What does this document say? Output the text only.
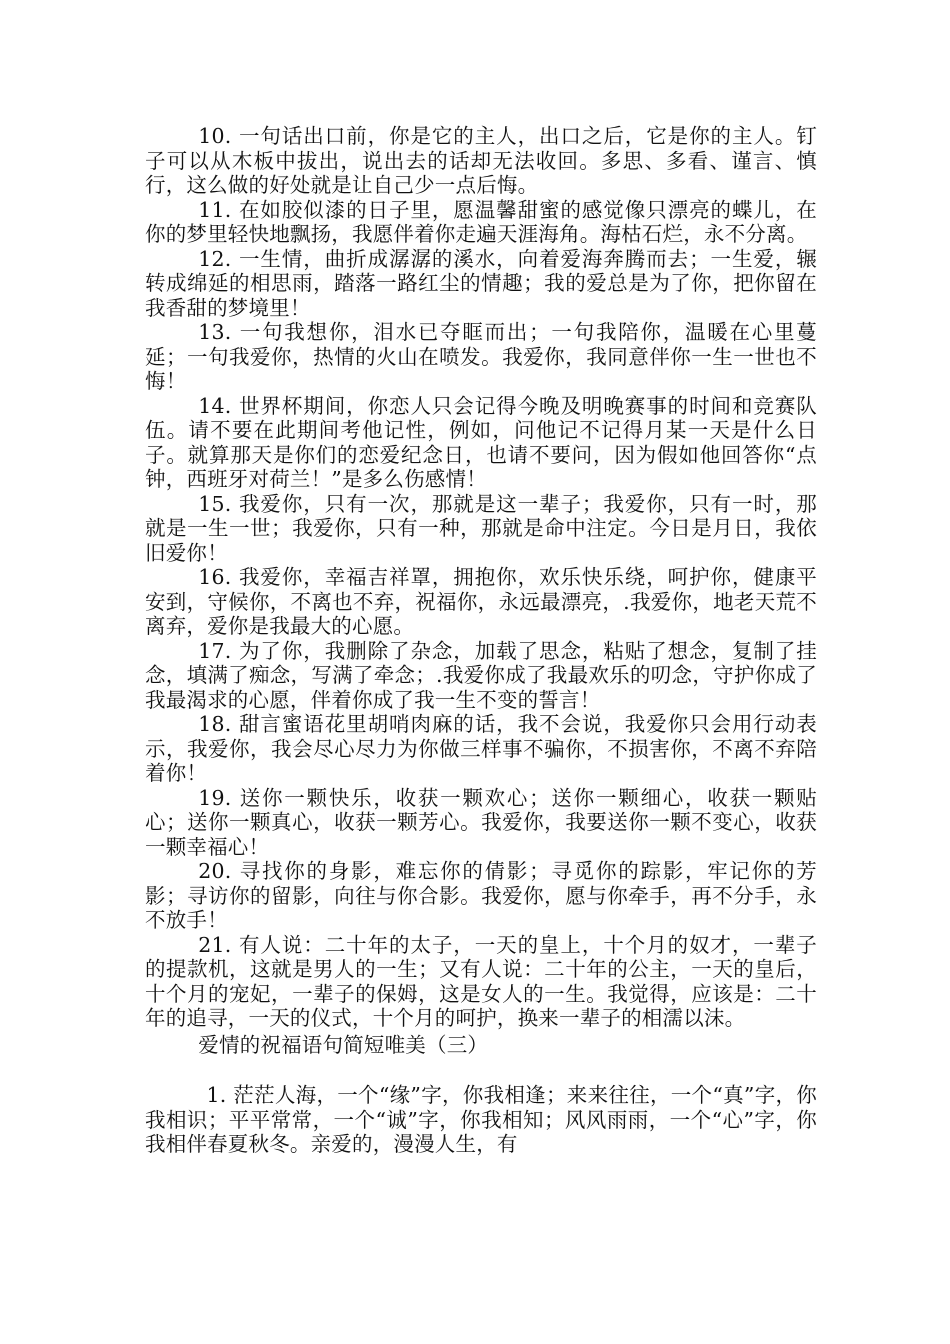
10. 一句话出口前，你是它的主人，出口之后，它是你的主人。钉子可以从木板中拔出，说出去的话却无法收回。多思、多看、谨言、慎行，这么做的好处就是让自己少一点后悔。

11. 在如胶似漆的日子里，愿温馨甜蜜的感觉像只漂亮的蝶儿，在你的梦里轻快地飘扬，我愿伴着你走遍天涯海角。海枯石烂，永不分离。

12. 一生情，曲折成潺潺的溪水，向着爱海奔腾而去；一生爱，辗转成绵延的相思雨，踏落一路红尘的情趣；我的爱总是为了你，把你留在我香甜的梦境里！

13. 一句我想你，泪水已夺眶而出；一句我陪你，温暖在心里蔓延；一句我爱你，热情的火山在喷发。我爱你，我同意伴你一生一世也不悔！

14. 世界杯期间，你恋人只会记得今晚及明晚赛事的时间和竞赛队伍。请不要在此期间考他记性，例如，问他记不记得月某一天是什么日子。就算那天是你们的恋爱纪念日，也请不要问，因为假如他回答你“点钟，西班牙对荷兰！”是多么伤感情！

15. 我爱你，只有一次，那就是这一辈子；我爱你，只有一时，那就是一生一世；我爱你，只有一种，那就是命中注定。今日是月日，我依旧爱你！

16. 我爱你，幸福吉祥罩，拥抱你，欢乐快乐绕，呵护你，健康平安到，守候你，不离也不弃，祝福你，永远最漂亮，.我爱你，地老天荒不离弃，爱你是我最大的心愿。

17. 为了你，我删除了杂念，加载了思念，粘贴了想念，复制了挂念，填满了痴念，写满了牵念；.我爱你成了我最欢乐的叨念，守护你成了我最渴求的心愿，伴着你成了我一生不变的誓言！

18. 甜言蜜语花里胡哨肉麻的话，我不会说，我爱你只会用行动表示，我爱你，我会尽心尽力为你做三样事不骗你，不损害你，不离不弃陪着你！

19. 送你一颗快乐，收获一颗欢心；送你一颗细心，收获一颗贴心；送你一颗真心，收获一颗芳心。我爱你，我要送你一颗不变心，收获一颗幸福心！

20. 寻找你的身影，难忘你的倩影；寻觅你的踪影，牢记你的芳影；寻访你的留影，向往与你合影。我爱你，愿与你牵手，再不分手，永不放手！

21. 有人说：二十年的太子，一天的皇上，十个月的奴才，一辈子的提款机，这就是男人的一生；又有人说：二十年的公主，一天的皇后，十个月的宠妃，一辈子的保姆，这是女人的一生。我觉得，应该是：二十年的追寻，一天的仪式，十个月的呵护，换来一辈子的相濡以沫。

爱情的祝福语句简短唯美（三）

1. 茫茫人海，一个“缘”字，你我相逢；来来往往，一个“真”字，你我相识；平平常常，一个“诚”字，你我相知；风风雨雨，一个“心”字，你我相伴春夏秋冬。亲爱的，漫漫人生，有
